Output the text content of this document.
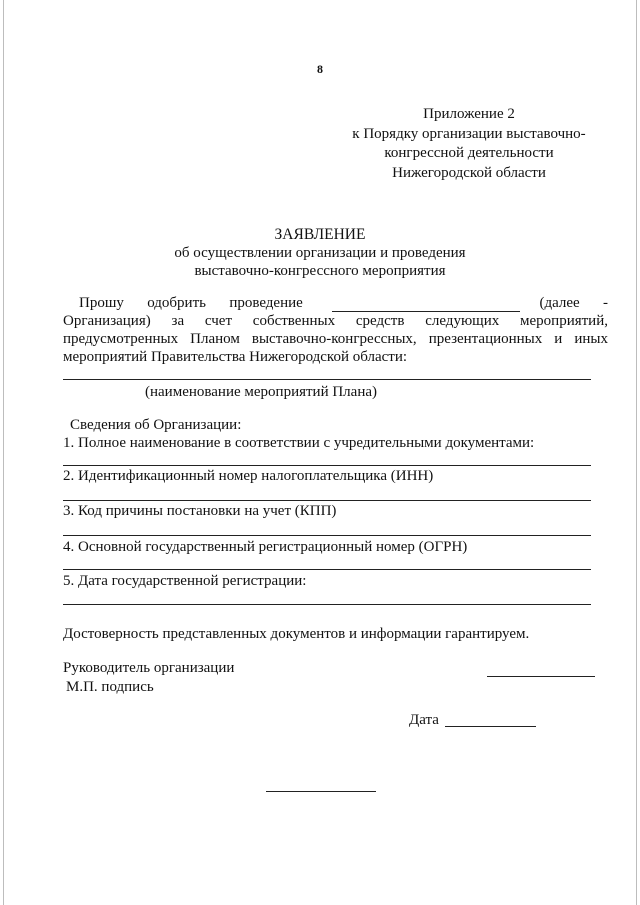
8
Приложение 2
к Порядку организации выставочно-
конгрессной деятельности
Нижегородской области
ЗАЯВЛЕНИЕ
об осуществлении организации и проведения
выставочно-конгрессного мероприятия
Прошу одобрить проведение	(далее -
Организация) за счет собственных средств следующих мероприятий,
предусмотренных Планом выставочно-конгрессных, презентационных и иных
мероприятий Правительства Нижегородской области:
(наименование мероприятий Плана)
Сведения об Организации:
1. Полное наименование в соответствии с учредительными документами:
2. Идентификационный номер налогоплательщика (ИНН)
3. Код причины постановки на учет (КПП)
4. Основной государственный регистрационный номер (ОГРН)
5. Дата государственной регистрации:
Достоверность представленных документов и информации гарантируем.
Руководитель организации
М.П. подпись
Дата
